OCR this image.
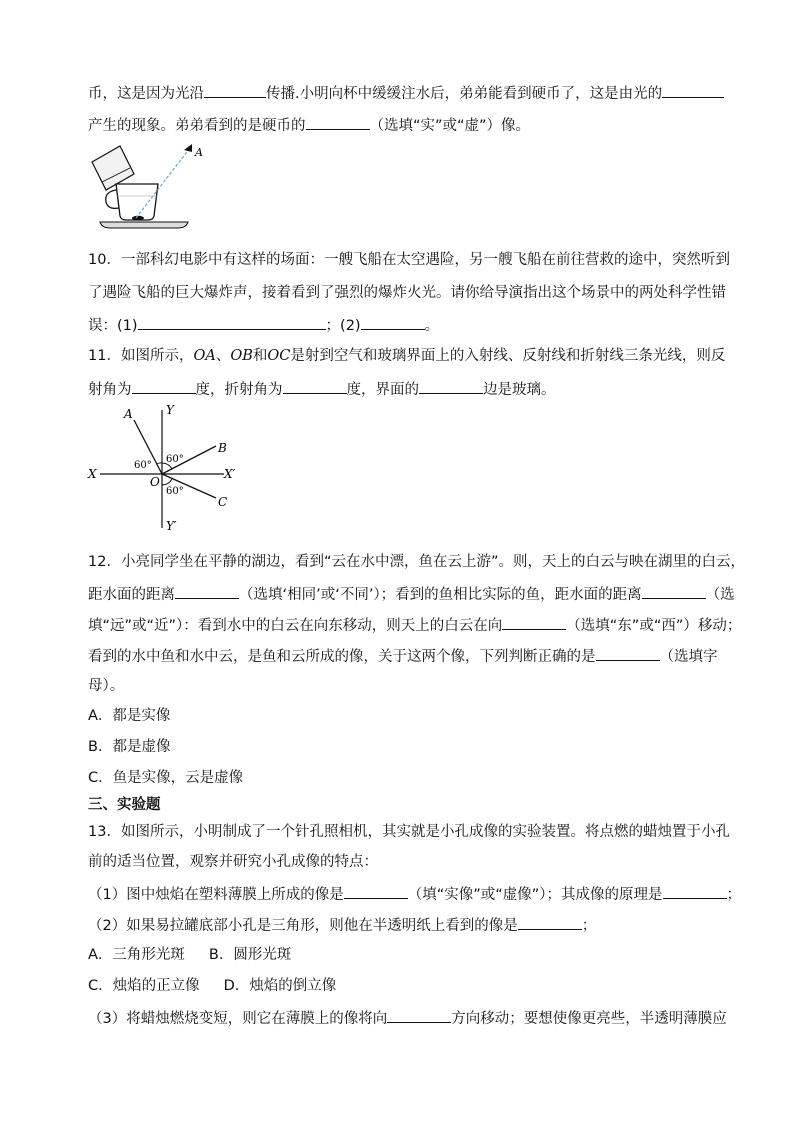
币，这是因为光沿	传播.小明向杯中缓缓注水后，弟弟能看到硬币了，这是由光的
产生的现象。弟弟看到的是硬币的	（选填“实”或“虚”）像。
A
10．一部科幻电影中有这样的场面：一艘飞船在太空遇险，另一艘飞船在前往营救的途中，突然听到
了遇险飞船的巨大爆炸声，接着看到了强烈的爆炸火光。请你给导演指出这个场景中的两处科学性错
误：(1)	；(2)	。
11．如图所示，OA、OB和OC是射到空气和玻璃界面上的入射线、反射线和折射线三条光线，则反
射角为	度，折射角为	度，界面的	边是玻璃。
A	Y
B
X	X′
O
C
Y′
60°
60°
60°
12．小亮同学坐在平静的湖边，看到“云在水中漂，鱼在云上游”。则，天上的白云与映在湖里的白云，
距水面的距离	（选填‘相同’或‘不同’）；看到的鱼相比实际的鱼，距水面的距离	（选
填“远”或“近”）：看到水中的白云在向东移动，则天上的白云在向	（选填“东”或“西”）移动；
看到的水中鱼和水中云，是鱼和云所成的像，关于这两个像，下列判断正确的是	（选填字
母）。
A．都是实像
B．都是虚像
C．鱼是实像，云是虚像
三、实验题
13．如图所示，小明制成了一个针孔照相机，其实就是小孔成像的实验装置。将点燃的蜡烛置于小孔
前的适当位置，观察并研究小孔成像的特点：
（1）图中烛焰在塑料薄膜上所成的像是	（填“实像”或“虚像”）；其成像的原理是	；
（2）如果易拉罐底部小孔是三角形，则他在半透明纸上看到的像是	；
A．三角形光斑 B．圆形光斑
C．烛焰的正立像 D．烛焰的倒立像
（3）将蜡烛燃烧变短，则它在薄膜上的像将向	方向移动；要想使像更亮些，半透明薄膜应
